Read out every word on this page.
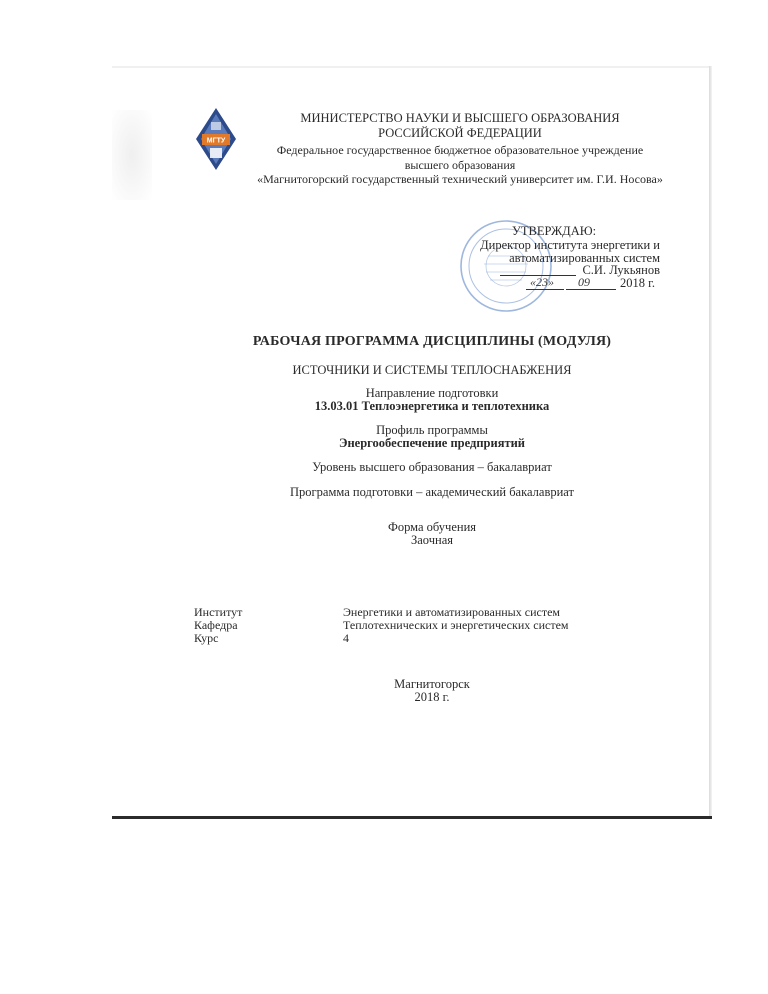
МГТУ
МИНИСТЕРСТВО НАУКИ И ВЫСШЕГО ОБРАЗОВАНИЯ
РОССИЙСКОЙ ФЕДЕРАЦИИ
Федеральное государственное бюджетное образовательное учреждение
высшего образования
«Магнитогорский государственный технический университет им. Г.И. Носова»
УТВЕРЖДАЮ:
Директор института энергетики и
автоматизированных систем
С.И. Лукьянов
«23» 09 2018 г.
РАБОЧАЯ ПРОГРАММА ДИСЦИПЛИНЫ (МОДУЛЯ)
ИСТОЧНИКИ И СИСТЕМЫ ТЕПЛОСНАБЖЕНИЯ
Направление подготовки
13.03.01 Теплоэнергетика и теплотехника
Профиль программы
Энергообеспечение предприятий
Уровень высшего образования – бакалавриат
Программа подготовки – академический бакалавриат
Форма обучения
Заочная
Институт	Энергетики и автоматизированных систем
Кафедра	Теплотехнических и энергетических систем
Курс	4
Магнитогорск
2018 г.
